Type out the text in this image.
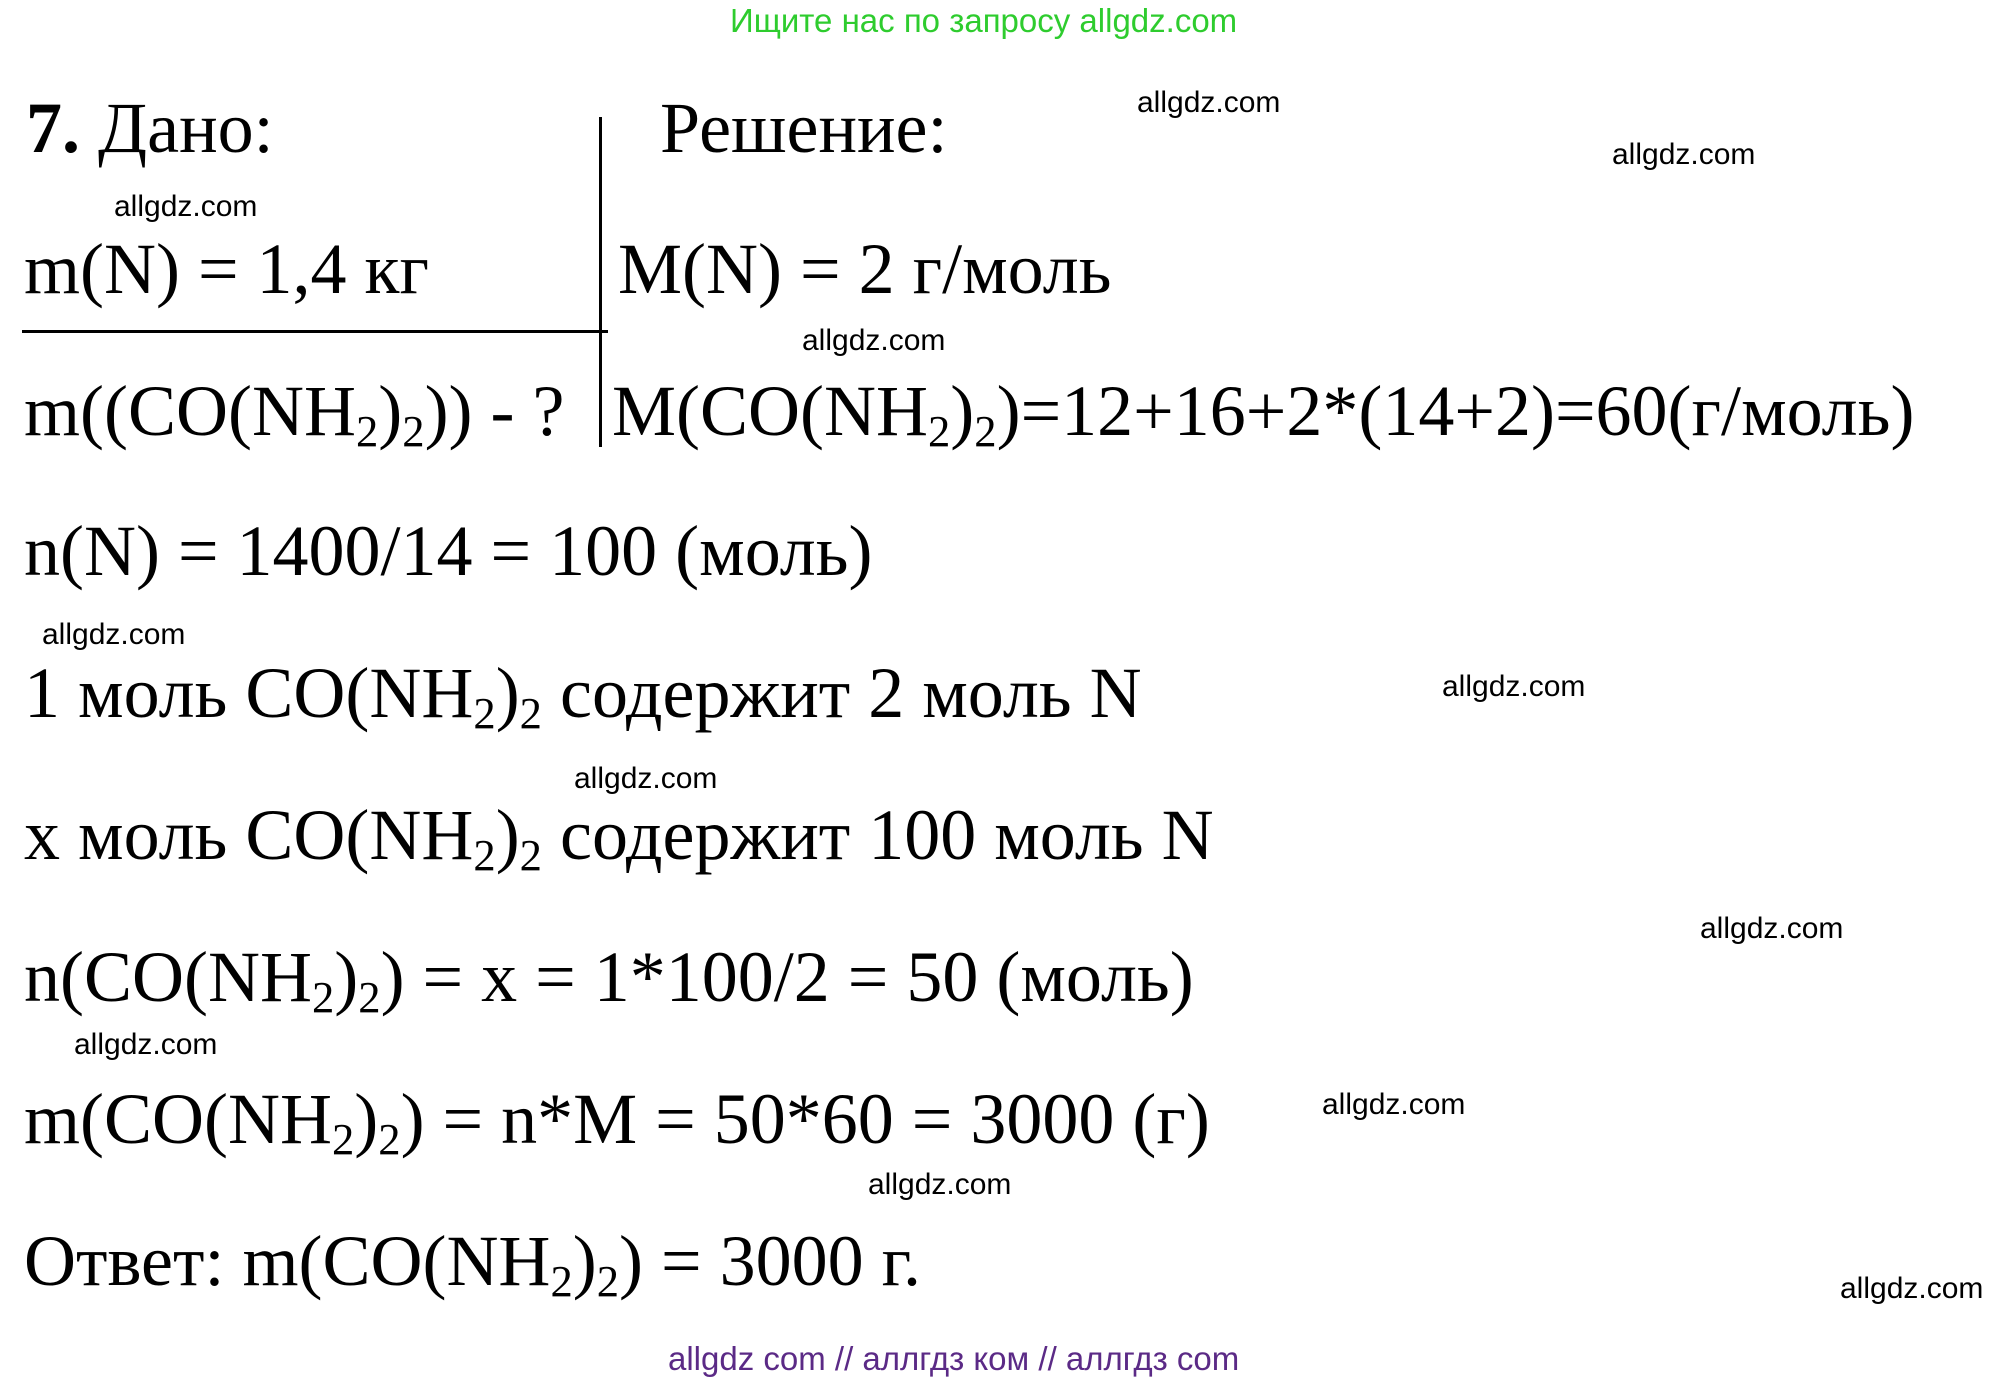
Ищите нас по запросу allgdz.com
7. Дано:	Решение:
m(N) = 1,4 кг	M(N) = 2 г/моль
$m((CO(NH_2)_2))$ - ? $M(CO(NH_2)_2)=12+16+2*(14+2)=60(г/моль)$
n(N) = 1400/14 = 100 (моль)
1 моль $CO(NH_2)_2$ содержит 2 моль N
x моль $CO(NH_2)_2$ содержит 100 моль N
$n(CO(NH_2)_2) = x = 1*100/2 = 50$ (моль)
$m(CO(NH_2)_2) = n*M = 50*60 = 3000$ (г)
Ответ: $m(CO(NH_2)_2) = 3000$ г.
allgdz.com
allgdz.com
allgdz.com
allgdz.com
allgdz.com
allgdz.com
allgdz.com
allgdz.com
allgdz.com
allgdz.com
allgdz.com
allgdz.com
allgdz com // аллгдз ком // аллгдз com
